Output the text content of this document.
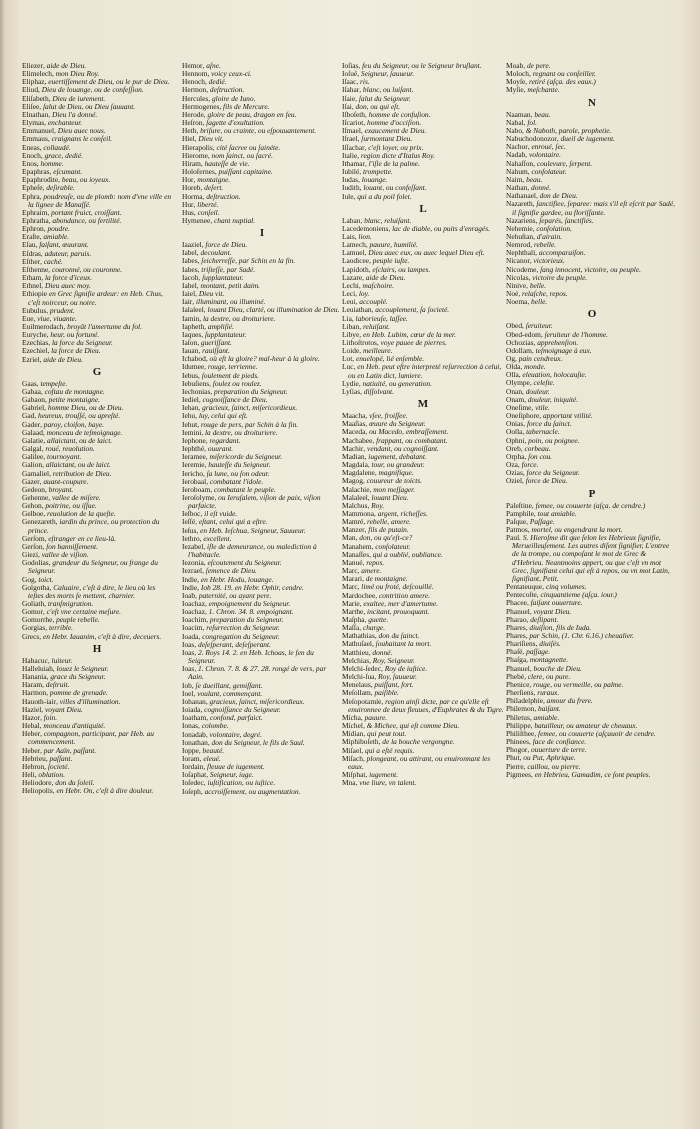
Eliezer, aide de Dieu.

Elimelech, mon Dieu Roy.

Eliphaz, euertiſſement de Dieu, ou le pur de Dieu.

Eliud, Dieu de louange, ou de confeſſion.

Eliſabeth, Dieu de iurement.

Eliſee, ſalut de Dieu, ou Dieu ſauuant.

Elnathan, Dieu l'a donné.

Elymas, enchanteur.

Emmanuel, Dieu auec nous.

Emmaus, craignans le conſeil.

Eneas, collaudé.

Enoch, grace, dedié.

Enos, homme.

Epaphras, eſcumant.

Epaphrodite, beau, ou ioyeux.

Epheſe, deſirable.

Ephra, poudreuſe, ou de plomb: nom d'vne ville en la lignee de Manaſſé.

Ephraim, portant fruict, croiſſant.

Ephratha, abondance, ou fertilité.

Ephron, poudre.

Eraſte, amiable.

Eſau, faiſant, œuurant.

Eſdras, aduteur, paruis.

Eſther, caché.

Eſthenne, couronné, ou couronne.

Etham, la force d'iceux.

Ethnel, Dieu auec moy.

Ethiopie en Grec ſignifie ardeur: en Heb. Chus, c'eſt noirceur, ou noire.

Eubulus, prudent.

Eue, viue, viuante.

Euilmerodach, broyât l'amertume du fol.

Euryche, heur, ou fortuné.

Ezechias, la force du Seigneur.

Ezechiel, la force de Dieu.

Ezriel, aide de Dieu.

G

Gaas, tempeſte.

Gabaa, coſtau de montagne.

Gabaon, petite montaigne.

Gabriel, homme Dieu, ou de Dieu.

Gad, heureux, trouſſé, ou apreſté.

Gader, paroy, cloiſon, haye.

Galaad, monceau de teſmoignage.

Galatie, allaictant, ou de laict.

Galgal, roué, reuolution.

Galilee, tournoyant.

Galion, allaictant, ou de laict.

Gamaliel, retribution de Dieu.

Gazer, auant-coupure.

Gedeon, broyant.

Gehenne, vallee de miſere.

Gehon, poitrine, ou iſſue.

Gelboe, reuolution de la queſte.

Genezareth, iardin du prince, ou protection du prince.

Gerſom, eſtranger en ce lieu-là.

Gerſon, ſon banniſſement.

Giezi, vallee de viſion.

Godolias, grandeur du Seigneur, ou frange du Seigneur.

Gog, toict.

Golgotha, Caluaire, c'eſt à dire, le lieu où les teſtes des morts ſe mettent, charnier.

Goliath, tranſmigration.

Gomor, c'eſt vne certaine meſure.

Gomorrhe, peuple rebelle.

Gorgias, terrible.

Grecs, en Hebr. Iauanim, c'eſt à dire, deceuers.

H

Habacuc, luiteur.

Halleluiah, louez le Seigneur.

Hanania, grace du Seigneur.

Haram, deſtruit.

Harmon, pomme de grenade.

Hauoth-iair, villes d'illumination.

Haziel, voyant Dieu.

Hazor, foin.

Hebal, monceau d'antiquité.

Heber, compagnon, participant, par Heb. au commencement.

Heber, par Aaïn, paſſant.

Hebrieu, paſſant.

Hebron, ſocieté.

Heli, oblation.

Heliodore, don du ſoleil.

Heliopolis, en Hebr. On, c'eſt à dire douleur.

Hemor, aſne.

Hennom, voicy ceux-ci.

Henoch, dedié.

Hermon, deſtruction.

Hercules, gloire de Iuno.

Hermogenes, fils de Mercure.

Herode, gloire de peau, dragon en feu.

Heſron, ſagette d'exultation.

Heth, briſure, ou crainte, ou eſpouuantement.

Hiel, Dieu vit.

Hierapolis, cité ſacree ou ſainéte.

Hierome, nom ſainct, ou ſacré.

Hiram, hauteſſe de vie.

Holofernes, puiſſant capitaine.

Hor, montaigne.

Horeb, deſert.

Horma, deſtruction.

Hur, liberté.

Hus, conſeil.

Hymenee, chant nuptial.

I

Iaaziel, force de Dieu.

Iabel, decoulant.

Iabes, ſeicherreſſe, par Schin en la fin.

Iabes, triſteſſe, par Sadé.

Iacob, ſupplantateur.

Iahel, montant, petit daim.

Iaiel, Dieu vit.

Iair, illuminant, ou illuminé.

Ialaleel, louant Dieu, clarté, ou illumination de Dieu.

Iamin, la dextre, ou droituriere.

Iapheth, ampliſié.

Iaques, ſupplantateur.

Iaſon, gueriſſant.

Iauan, rauiſſant.

Ichabod, où eſt la gloire? mal-heur à la gloire.

Idumee, rouge, terrienne.

Iebus, ſoulement de pieds.

Iebuſiens, foulez ou roulez.

Iechonias, preparation du Seigneur.

Iediel, cognoiſſance de Dieu.

Iehan, gracieux, ſainct, miſericordieux.

Iehu, luy, celui qui eſt.

Iehut, rouge de pers, par Schin à la fin.

Iemini, la dextre, ou droituriere.

Iephone, regardant.

Iephthé, ouurant.

Ieramee, miſericorde du Seigneur.

Ieremie, hauteſſe du Seigneur.

Iericho, ſa lune, ou ſon odeur.

Ierobaal, combatant l'idole.

Ieroboam, combatant le peuple.

Ieroſolyme, ou Ieruſalem, viſion de paix, viſion parfaicte.

Ieſboc, il eſt vuide.

Ieſſé, eſtant, celui qui a eſtre.

Ieſus, en Heb. Ieſchua, Seigneur, Sauueur.

Iethro, excellent.

Iezabel, iſle de demeurance, ou malediction à l'habitacle.

Iezonia, eſcoutement du Seigneur.

Iezrael, ſemence de Dieu.

Indie, en Hebr. Hodu, louange.

Indie, Iob 28. 19. en Hebr. Ophir, cendre.

Ioab, paternité, ou ayant pere.

Ioachaz, empoignement du Seigneur.

Ioachaz, 1. Chron. 34. 8. empoignant.

Ioachim, preparation du Seigneur.

Ioacim, reſurrection du Seigneur.

Ioada, congregation du Seigneur.

Ioas, deſeſperant, deſeſperant.

Ioas, 2. Roys 14. 2. en Heb. Ichoas, le fen du Seigneur.

Ioas, 1. Chron. 7. 8. & 27. 28. rongé de vers, par Aain.

Iob, ſe dueillant, gemiſſant.

Ioel, voulant, commençant.

Iohanan, gracieux, ſainct, miſericordieux.

Ioiada, cognoiſſance du Seigneur.

Ioatham, confond, parfaict.

Ionas, colombe.

Ionadab, volontaire, degré.

Ionathan, don du Seigneur, le fils de Saul.

Ioppe, beauté.

Ioram, eleué.

Iordain, fleuue de iugement.

Ioſaphat, Seigneur, iuge.

Ioſedec, iuſtification, ou iuſtice.

Ioſeph, accroiſſement, ou augmentation.

Ioſias, feu du Seigneur, ou le Seigneur bruſlant.

Ioſué, Seigneur, ſauueur.

Iſaac, ris.

Iſahar, blanc, ou luiſant.

Iſaie, ſalut du Seigneur.

Iſai, don, ou qui eſt.

Iſboſeth, homme de confuſion.

Iſcariot, homme d'occiſion.

Iſmael, exaucement de Dieu.

Iſrael, ſurmontant Dieu.

Iſſachar, c'eſt loyer, ou prix.

Italie, region dicte d'Italus Roy.

Ithamar, l'iſle de la palme.

Iubilé, trompette.

Iudas, louange.

Iudith, louant, ou confeſſant.

Iule, qui a du poil folet.

L

Laban, blanc, reluiſant.

Lacedemoniens, lac de diable, ou puits d'enragés.

Lais, lion.

Lamech, pauure, humilié.

Lamuel, Dieu auec eux, ou auec lequel Dieu eſt.

Laodicee, peuple iuſte.

Lapidoth, eſclairs, ou lampes.

Lazare, aide de Dieu.

Lechi, maſchoire.

Leci, loy.

Leui, accouplé.

Leuiathan, accouplement, ſa ſocieté.

Lia, laborieuſe, laſſee.

Liban, reluiſant.

Libye, en Heb. Lubim, cœur de la mer.

Lithoſtrotos, voye pauee de pierres.

Loide, meilleure.

Lot, enuelopé, lié enſemble.

Luc, en Heb. peut eſtre interpreté reſurrection à celui, ou en Latin dict, lumiere.

Lydie, natiuité, ou generation.

Lyſias, diſſolvant.

M

Maacha, vſee, froiſſee.

Maaſias, œuure du Seigneur.

Maceda, ou Macedo, embraſſement.

Machabee, frappant, ou combatant.

Machir, vendant, ou cognoiſſant.

Madian, iugement, debatant.

Magdala, tour, ou grandeur.

Magdalene, magnifique.

Magog, couureur de toicts.

Malachie, mon meſſager.

Malaleel, louant Dieu.

Malchus, Roy.

Mammona, argent, richeſſes.

Mamré, rebelle, amere.

Manzer, fils de putain.

Man, don, ou qu'eſt-ce?

Manahem, conſolateur.

Manaſſes, qui a oublié, oubliance.

Manué, repos.

Marc, amere.

Marari, de montaigne.

Marc, limé ou froté, deſcouillé.

Mardochee, contrition amere.

Marie, exaltee, mer d'amertume.

Marthe, incitant, prouoquant.

Maſpha, guette.

Maſſa, charge.

Mathathias, don du ſainct.

Mathuſael, ſouhaitant la mort.

Matthieu, donné.

Melchias, Roy, Seigneur.

Melchi-ſedec, Roy de iuſtice.

Melchi-ſua, Roy, ſauueur.

Menelaus, puiſſant, fort.

Meſollam, paiſible.

Meſopotamie, region ainſi dicte, par ce qu'elle eſt enuironnee de deux fleuues, d'Euphrates & du Tigre.

Micha, pauure.

Michel, & Michee, qui eſt comme Dieu.

Midian, qui peut tout.

Miphiboſeth, de la bouche vergongne.

Miſael, qui a eſté requis.

Miſach, plongeant, ou attirant, ou enuironnant les eaux.

Miſphat, iugement.

Mna, vne liure, vn talent.

Moab, de pere.

Moloch, regnant ou conſeiller.

Moyſe, retiré (aſça. des eaux.)

Myſie, meſchante.

N

Naaman, beau.

Nabal, fol.

Nabo, & Naboth, parole, prophetie.

Nabuchodonozor, dueil de iugement.

Nachor, enroué, ſec.

Nadab, volontaire.

Nahaſſon, coulevure, ſerpent.

Nahum, conſolateur.

Naim, beau.

Nathan, donné.

Nathanael, don de Dieu.

Nazareth, ſanctifiee, ſeparee: mais s'il eſt eſcrit par Sadé, il ſignifie gardee, ou floriſſante.

Nazariens, ſeparés, ſanctifiés.

Nehemie, conſolation.

Nehuſtan, d'airain.

Nemrod, rebelle.

Nephthali, accomparaiſon.

Nicanor, victorieux.

Nicodeme, ſang innocent, victoire, ou peuple.

Nicolas, victoire du peuple.

Ninive, belle.

Noé, relaſche, repos.

Noema, belle.

O

Obed, ſeruiteur.

Obed-edom, ſeruiteur de l'homme.

Ochozias, apprehenſion.

Odollam, teſmoignage à eux.

Og, pain cendreux.

Olda, monde.

Olla, eleuation, holocauſte.

Olympe, celeſte.

Onan, douleur.

Onam, douleur, iniquité.

Oneſime, vtile.

Oneſiphore, apportant vtilité.

Onias, force du ſainct.

Oolla, tabernacle.

Ophni, poin, ou poignee.

Oreb, corbeau.

Orpha, ſon cou.

Oza, force.

Ozias, force du Seigneur.

Oziel, force de Dieu.

P

Paleſtine, femee, ou couuerte (aſça. de cendre.)

Pamphile, tout amiable.

Paſque, Paſſage.

Patmos, mortel, ou engendrant la mort.

Paul. S. Hieroſme dit que ſelon les Hebrieux ſignifie, Merueilleuſement. Les autres diſent ſignifier, L'entree de la trompe, ou compoſant le mot de Grec & d'Hebrieu. Neantmoins appert, ou que c'eſt vn mot Grec, ſignifiant celui qui eſt à repos, ou vn mot Latin, ſignifiant, Petit.

Pentateuque, cinq volumes.

Pentecoſte, cinquantieme (aſça. iour.)

Phacee, faiſant ouuerture.

Phanuel, voyant Dieu.

Pharao, deſlipant.

Phares, diuiſion, fils de Iuda.

Phares, par Schin, (1. Chr. 6.16.) cheualier.

Phariſiens, diuiſés.

Phaſé, paſſage.

Phaſga, montagnette.

Phanuel, bouche de Dieu.

Phebé, clere, ou pure.

Phenice, rouge, ou vermeille, ou palme.

Pherſiens, ruraux.

Philadelphie, amour du frere.

Philemon, baiſant.

Philetus, amiable.

Philippe, batailleur, ou amateur de cheuaux.

Philiſthee, femee, ou couuerte (aſçauoir de cendre.

Phinees, face de confiance.

Phogor, ouuerture de terre.

Phut, ou Put, Aphrique.

Pierre, caillou, ou pierre.

Pigmees, en Hebrieu, Gamadim, ce ſont peuples.
